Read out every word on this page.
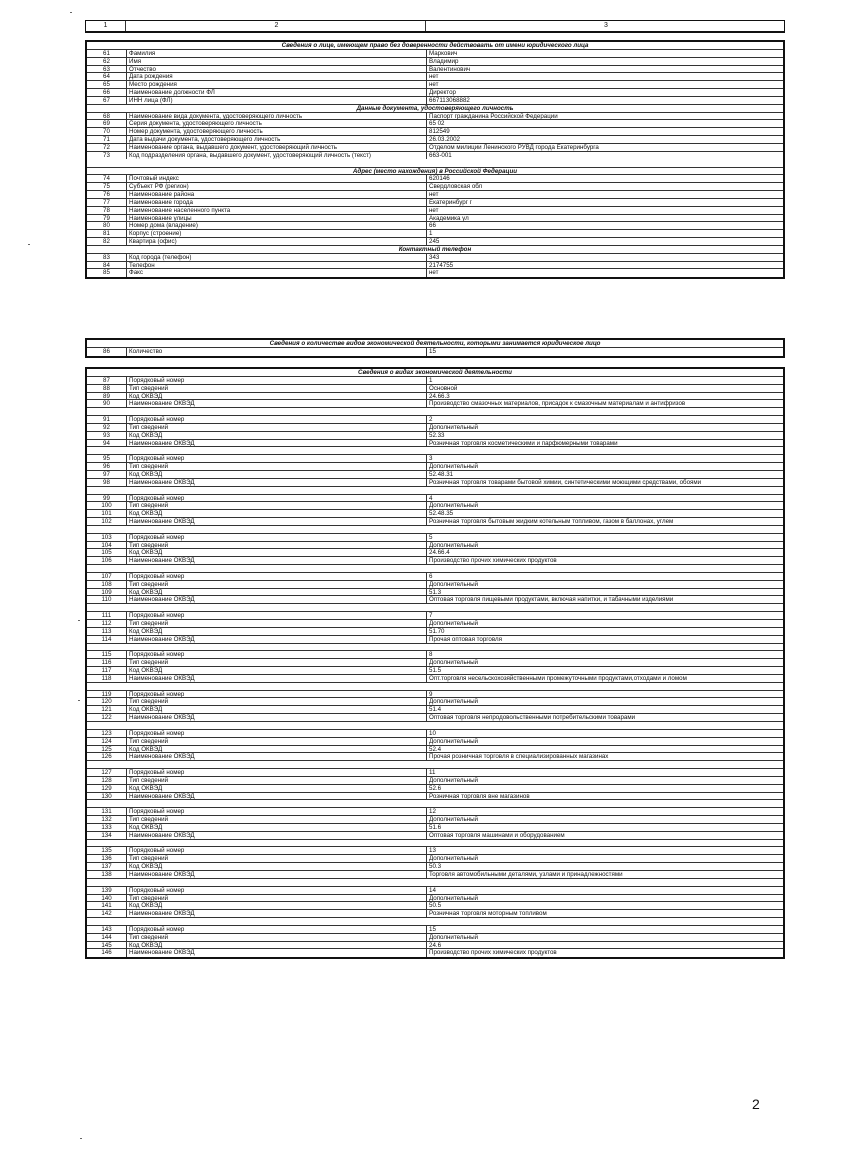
1	2	3
Сведения о лице, имеющем право без доверенности действовать от имени юридического лица
61	Фамилия	Маркович
62	Имя	Владимир
63	Отчество	Валентинович
64	Дата рождения	нет
65	Место рождения	нет
66	Наименование должности ФЛ	Директор
67	ИНН лица (ФЛ)	667113068882
Данные документа, удостоверяющего личность
68	Наименование вида документа, удостоверяющего личность	Паспорт гражданина Российской Федерации
69	Серия документа, удостоверяющего личность	65 02
70	Номер документа, удостоверяющего личность	812549
71	Дата выдачи документа, удостоверяющего личность	26.03.2002
72	Наименование органа, выдавшего документ, удостоверяющий личность	Отделом милиции Ленинского РУВД города Екатеринбурга
73	Код подразделения органа, выдавшего документ, удостоверяющий личность (текст)	663-001
Адрес (место нахождения) в Российской Федерации
74	Почтовый индекс	620146
75	Субъект РФ (регион)	Свердловская обл
76	Наименование района	нет
77	Наименование города	Екатеринбург г
78	Наименование населенного пункта	нет
79	Наименование улицы	Академика ул
80	Номер дома (владение)	66
81	Корпус (строение)	1
82	Квартира (офис)	245
Контактный телефон
83	Код города (телефон)	343
84	Телефон	2174755
85	Факс	нет
Сведения о количестве видов экономической деятельности, которыми занимается юридическое лицо
86	Количество	15
Сведения о видах экономической деятельности
87	Порядковый номер	1
88	Тип сведений	Основной
89	Код ОКВЭД	24.66.3
90	Наименование ОКВЭД	Производство смазочных материалов, присадок к смазочным материалам и антифризов
91	Порядковый номер	2
92	Тип сведений	Дополнительный
93	Код ОКВЭД	52.33
94	Наименование ОКВЭД	Розничная торговля косметическими и парфюмерными товарами
95	Порядковый номер	3
96	Тип сведений	Дополнительный
97	Код ОКВЭД	52.48.31
98	Наименование ОКВЭД	Розничная торговля товарами бытовой химии, синтетическими моющими средствами, обоями
99	Порядковый номер	4
100	Тип сведений	Дополнительный
101	Код ОКВЭД	52.48.35
102	Наименование ОКВЭД	Розничная торговля бытовым жидким котельным топливом, газом в баллонах, углем
103	Порядковый номер	5
104	Тип сведений	Дополнительный
105	Код ОКВЭД	24.66.4
106	Наименование ОКВЭД	Производство прочих химических продуктов
107	Порядковый номер	6
108	Тип сведений	Дополнительный
109	Код ОКВЭД	51.3
110	Наименование ОКВЭД	Оптовая торговля пищевыми продуктами, включая напитки, и табачными изделиями
111	Порядковый номер	7
112	Тип сведений	Дополнительный
113	Код ОКВЭД	51.70
114	Наименование ОКВЭД	Прочая оптовая торговля
115	Порядковый номер	8
116	Тип сведений	Дополнительный
117	Код ОКВЭД	51.5
118	Наименование ОКВЭД	Опт.торговля несельскохозяйственными промежуточными продуктами,отходами и ломом
119	Порядковый номер	9
120	Тип сведений	Дополнительный
121	Код ОКВЭД	51.4
122	Наименование ОКВЭД	Оптовая торговля непродовольственными потребительскими товарами
123	Порядковый номер	10
124	Тип сведений	Дополнительный
125	Код ОКВЭД	52.4
126	Наименование ОКВЭД	Прочая розничная торговля в специализированных магазинах
127	Порядковый номер	11
128	Тип сведений	Дополнительный
129	Код ОКВЭД	52.6
130	Наименование ОКВЭД	Розничная торговля вне магазинов
131	Порядковый номер	12
132	Тип сведений	Дополнительный
133	Код ОКВЭД	51.6
134	Наименование ОКВЭД	Оптовая торговля машинами и оборудованием
135	Порядковый номер	13
136	Тип сведений	Дополнительный
137	Код ОКВЭД	50.3
138	Наименование ОКВЭД	Торговля автомобильными деталями, узлами и принадлежностями
139	Порядковый номер	14
140	Тип сведений	Дополнительный
141	Код ОКВЭД	50.5
142	Наименование ОКВЭД	Розничная торговля моторным топливом
143	Порядковый номер	15
144	Тип сведений	Дополнительный
145	Код ОКВЭД	24.6
146	Наименование ОКВЭД	Производство прочих химических продуктов
2
